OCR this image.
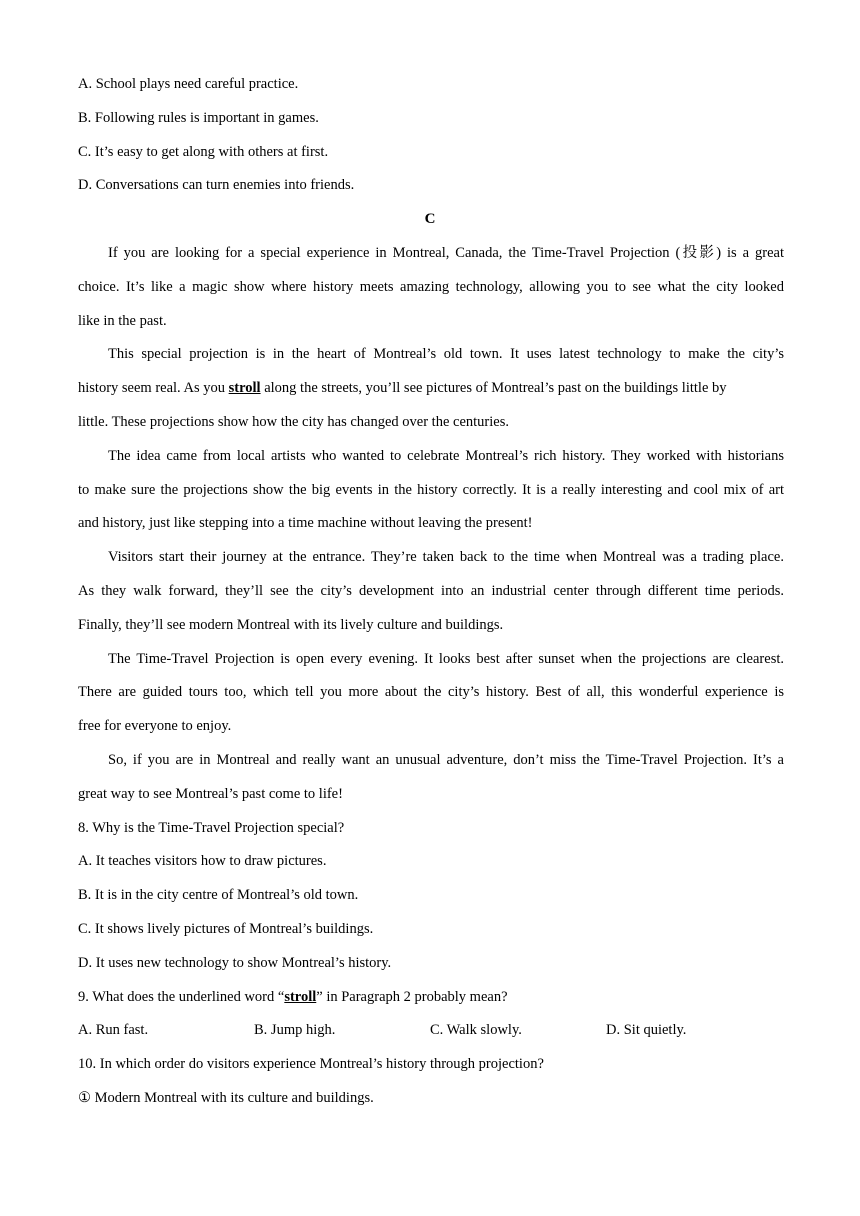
A. School plays need careful practice.
B. Following rules is important in games.
C. It’s easy to get along with others at first.
D. Conversations can turn enemies into friends.
C
If you are looking for a special experience in Montreal, Canada, the Time-Travel Projection (投影) is a great
choice. It’s like a magic show where history meets amazing technology, allowing you to see what the city looked
like in the past.
This special projection is in the heart of Montreal’s old town. It uses latest technology to make the city’s
history seem real. As you stroll along the streets, you’ll see pictures of Montreal’s past on the buildings little by
little. These projections show how the city has changed over the centuries.
The idea came from local artists who wanted to celebrate Montreal’s rich history. They worked with historians
to make sure the projections show the big events in the history correctly. It is a really interesting and cool mix of art
and history, just like stepping into a time machine without leaving the present!
Visitors start their journey at the entrance. They’re taken back to the time when Montreal was a trading place.
As they walk forward, they’ll see the city’s development into an industrial center through different time periods.
Finally, they’ll see modern Montreal with its lively culture and buildings.
The Time-Travel Projection is open every evening. It looks best after sunset when the projections are clearest.
There are guided tours too, which tell you more about the city’s history. Best of all, this wonderful experience is
free for everyone to enjoy.
So, if you are in Montreal and really want an unusual adventure, don’t miss the Time-Travel Projection. It’s a
great way to see Montreal’s past come to life!
8. Why is the Time-Travel Projection special?
A. It teaches visitors how to draw pictures.
B. It is in the city centre of Montreal’s old town.
C. It shows lively pictures of Montreal’s buildings.
D. It uses new technology to show Montreal’s history.
9. What does the underlined word “stroll” in Paragraph 2 probably mean?
A. Run fast.	B. Jump high.	C. Walk slowly.	D. Sit quietly.
10. In which order do visitors experience Montreal’s history through projection?
① Modern Montreal with its culture and buildings.
